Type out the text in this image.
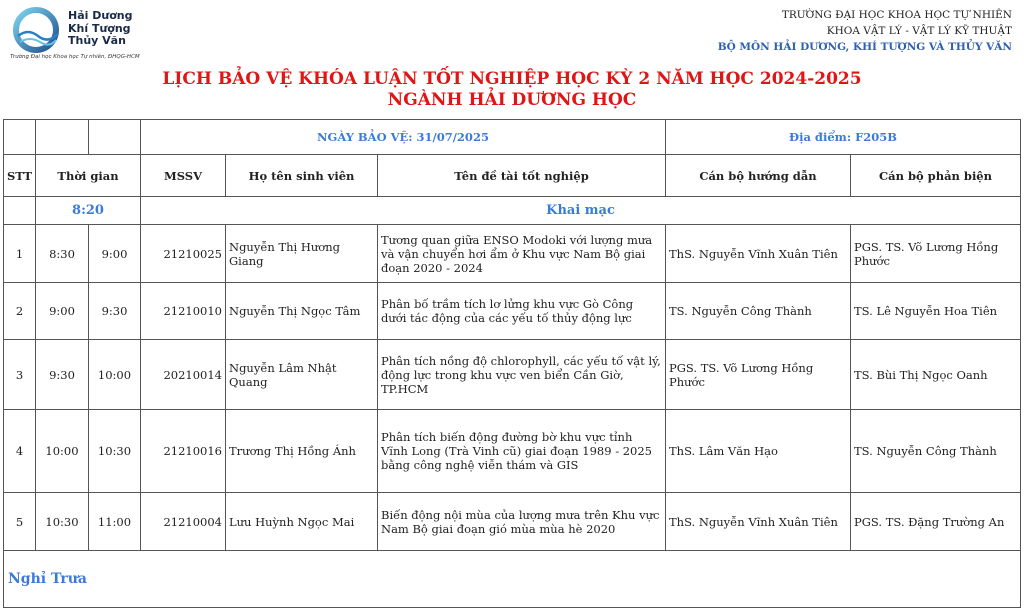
Hải Dương
Khí Tượng
Thủy Văn
Trường Đại học Khoa học Tự nhiên, ĐHQG-HCM
TRƯỜNG ĐẠI HỌC KHOA HỌC TỰ NHIÊN
KHOA VẬT LÝ - VẬT LÝ KỸ THUẬT
BỘ MÔN HẢI DƯƠNG, KHÍ TƯỢNG VÀ THỦY VĂN
LỊCH BẢO VỆ KHÓA LUẬN TỐT NGHIỆP HỌC KỲ 2 NĂM HỌC 2024-2025
NGÀNH HẢI DƯƠNG HỌC
			NGÀY BẢO VỆ: 31/07/2025			Địa điểm: F205B	
STT	Thời gian		MSSV	Họ tên sinh viên	Tên đề tài tốt nghiệp	Cán bộ hướng dẫn	Cán bộ phản biện
	8:20		Khai mạc				
1	8:30	9:00	21210025	Nguyễn Thị Hương Giang	Tương quan giữa ENSO Modoki với lượng mưa và vận chuyển hơi ẩm ở Khu vực Nam Bộ giai đoạn 2020 - 2024	ThS. Nguyễn Vĩnh Xuân Tiên	PGS. TS. Võ Lương Hồng Phước
2	9:00	9:30	21210010	Nguyễn Thị Ngọc Tâm	Phân bố trầm tích lơ lửng khu vực Gò Công dưới tác động của các yếu tố thủy động lực	TS. Nguyễn Công Thành	TS. Lê Nguyễn Hoa Tiên
3	9:30	10:00	20210014	Nguyễn Lâm Nhật Quang	Phân tích nồng độ chlorophyll, các yếu tố vật lý, động lực trong khu vực ven biển Cần Giờ, TP.HCM	PGS. TS. Võ Lương Hồng Phước	TS. Bùi Thị Ngọc Oanh
4	10:00	10:30	21210016	Trương Thị Hồng Ánh	Phân tích biến động đường bờ khu vực tỉnh Vĩnh Long (Trà Vinh cũ) giai đoạn 1989 - 2025 bằng công nghệ viễn thám và GIS	ThS. Lâm Văn Hạo	TS. Nguyễn Công Thành
5	10:30	11:00	21210004	Lưu Huỳnh Ngọc Mai	Biến động nội mùa của lượng mưa trên Khu vực Nam Bộ giai đoạn gió mùa mùa hè 2020	ThS. Nguyễn Vĩnh Xuân Tiên	PGS. TS. Đặng Trường An
Nghỉ Trưa							
